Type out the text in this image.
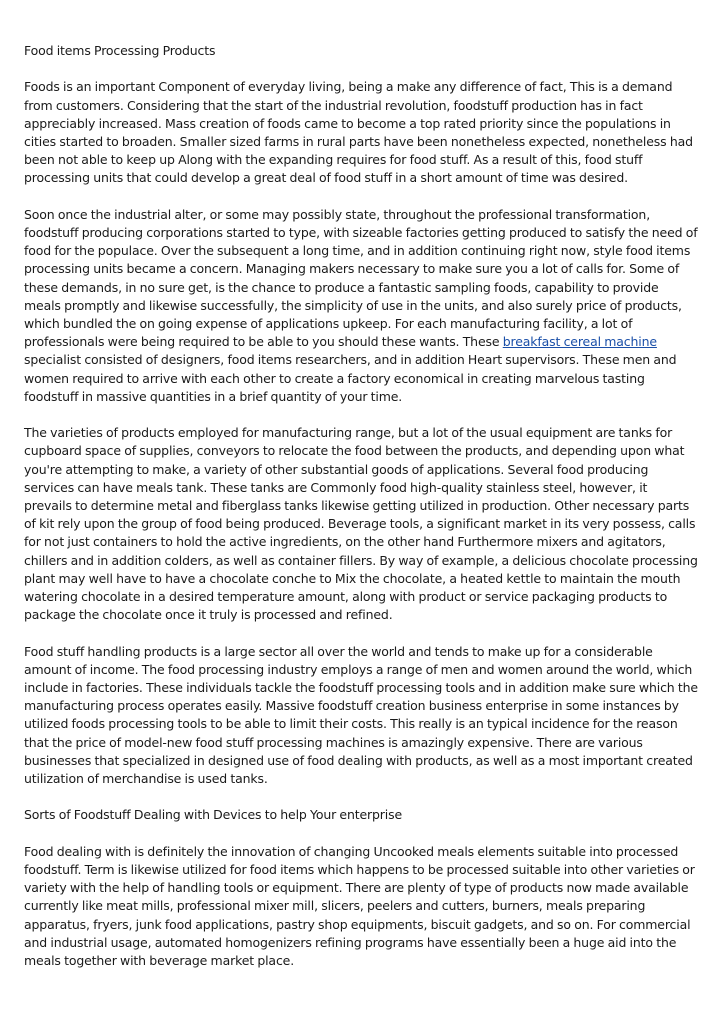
Food items Processing Products

Foods is an important Component of everyday living, being a make any difference of fact, This is a demand from customers. Considering that the start of the industrial revolution, foodstuff production has in fact appreciably increased. Mass creation of foods came to become a top rated priority since the populations in cities started to broaden. Smaller sized farms in rural parts have been nonetheless expected, nonetheless had been not able to keep up Along with the expanding requires for food stuff. As a result of this, food stuff processing units that could develop a great deal of food stuff in a short amount of time was desired.

Soon once the industrial alter, or some may possibly state, throughout the professional transformation, foodstuff producing corporations started to type, with sizeable factories getting produced to satisfy the need of food for the populace. Over the subsequent a long time, and in addition continuing right now, style food items processing units became a concern. Managing makers necessary to make sure you a lot of calls for. Some of these demands, in no sure get, is the chance to produce a fantastic sampling foods, capability to provide meals promptly and likewise successfully, the simplicity of use in the units, and also surely price of products, which bundled the on going expense of applications upkeep. For each manufacturing facility, a lot of professionals were being required to be able to you should these wants. These breakfast cereal machine specialist consisted of designers, food items researchers, and in addition Heart supervisors. These men and women required to arrive with each other to create a factory economical in creating marvelous tasting foodstuff in massive quantities in a brief quantity of your time.

The varieties of products employed for manufacturing range, but a lot of the usual equipment are tanks for cupboard space of supplies, conveyors to relocate the food between the products, and depending upon what you're attempting to make, a variety of other substantial goods of applications. Several food producing services can have meals tank. These tanks are Commonly food high-quality stainless steel, however, it prevails to determine metal and fiberglass tanks likewise getting utilized in production. Other necessary parts of kit rely upon the group of food being produced. Beverage tools, a significant market in its very possess, calls for not just containers to hold the active ingredients, on the other hand Furthermore mixers and agitators, chillers and in addition colders, as well as container fillers. By way of example, a delicious chocolate processing plant may well have to have a chocolate conche to Mix the chocolate, a heated kettle to maintain the mouth watering chocolate in a desired temperature amount, along with product or service packaging products to package the chocolate once it truly is processed and refined.

Food stuff handling products is a large sector all over the world and tends to make up for a considerable amount of income. The food processing industry employs a range of men and women around the world, which include in factories. These individuals tackle the foodstuff processing tools and in addition make sure which the manufacturing process operates easily. Massive foodstuff creation business enterprise in some instances by utilized foods processing tools to be able to limit their costs. This really is an typical incidence for the reason that the price of model-new food stuff processing machines is amazingly expensive. There are various businesses that specialized in designed use of food dealing with products, as well as a most important created utilization of merchandise is used tanks.

Sorts of Foodstuff Dealing with Devices to help Your enterprise

Food dealing with is definitely the innovation of changing Uncooked meals elements suitable into processed foodstuff. Term is likewise utilized for food items which happens to be processed suitable into other varieties or variety with the help of handling tools or equipment. There are plenty of type of products now made available currently like meat mills, professional mixer mill, slicers, peelers and cutters, burners, meals preparing apparatus, fryers, junk food applications, pastry shop equipments, biscuit gadgets, and so on. For commercial and industrial usage, automated homogenizers refining programs have essentially been a huge aid into the meals together with beverage market place.
